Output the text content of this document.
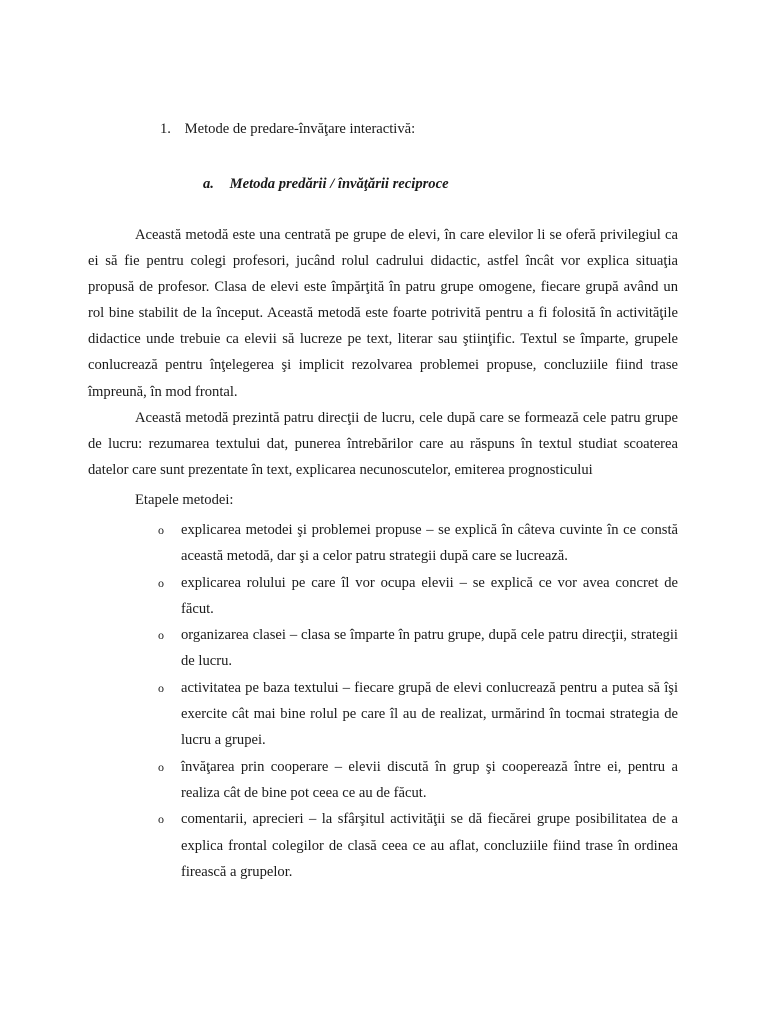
1. Metode de predare-învăţare interactivă:
a. Metoda predării / învăţării reciproce

Această metodă este una centrată pe grupe de elevi, în care elevilor li se oferă privilegiul ca ei să fie pentru colegi profesori, jucând rolul cadrului didactic, astfel încât vor explica situaţia propusă de profesor. Clasa de elevi este împărţită în patru grupe omogene, fiecare grupă având un rol bine stabilit de la început. Această metodă este foarte potrivită pentru a fi folosită în activităţile didactice unde trebuie ca elevii să lucreze pe text, literar sau ştiinţific. Textul se împarte, grupele conlucrează pentru înţelegerea şi implicit rezolvarea problemei propuse, concluziile fiind trase împreună, în mod frontal.

Această metodă prezintă patru direcţii de lucru, cele după care se formează cele patru grupe de lucru: rezumarea textului dat, punerea întrebărilor care au răspuns în textul studiat scoaterea datelor care sunt prezentate în text, explicarea necunoscutelor, emiterea prognosticului

Etapele metodei:
o explicarea metodei şi problemei propuse – se explică în câteva cuvinte în ce constă această metodă, dar şi a celor patru strategii după care se lucrează.
o explicarea rolului pe care îl vor ocupa elevii – se explică ce vor avea concret de făcut.
o organizarea clasei – clasa se împarte în patru grupe, după cele patru direcţii, strategii de lucru.
o activitatea pe baza textului – fiecare grupă de elevi conlucrează pentru a putea să îşi exercite cât mai bine rolul pe care îl au de realizat, urmărind în tocmai strategia de lucru a grupei.
o învăţarea prin cooperare – elevii discută în grup şi cooperează între ei, pentru a realiza cât de bine pot ceea ce au de făcut.
o comentarii, aprecieri – la sfârşitul activităţii se dă fiecărei grupe posibilitatea de a explica frontal colegilor de clasă ceea ce au aflat, concluziile fiind trase în ordinea firească a grupelor.
